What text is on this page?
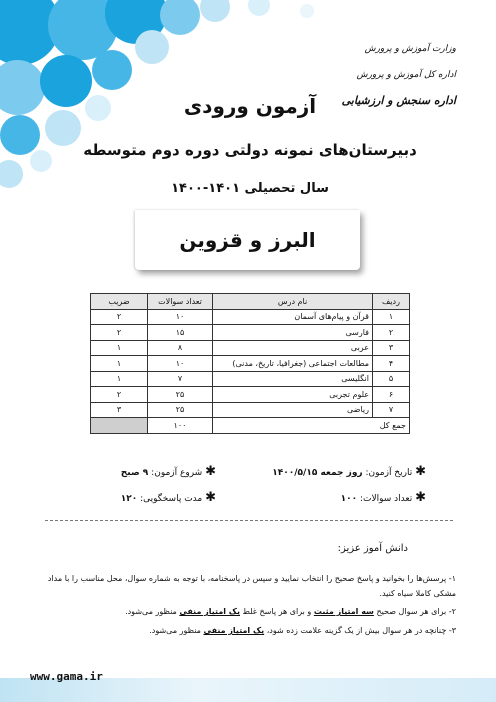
وزارت آموزش و پرورش
اداره کل آموزش و پرورش
اداره سنجش و ارزشیابی
آزمون ورودی
دبیرستان‌های نمونه دولتی دوره دوم متوسطه
سال تحصیلی ۱۴۰۱-۱۴۰۰
البرز و قزوین
ردیف	نام درس	تعداد سوالات	ضریب
۱	قرآن و پیام‌های آسمان	۱۰	۲
۲	فارسی	۱۵	۲
۳	عربی	۸	۱
۴	مطالعات اجتماعی (جغرافیا، تاریخ، مدنی)	۱۰	۱
۵	انگلیسی	۷	۱
۶	علوم تجربی	۲۵	۲
۷	ریاضی	۲۵	۳
جمع کل		۱۰۰	
✱ تاریخ آزمون: روز جمعه ۱۴۰۰/۵/۱۵
✱ شروع آزمون: ۹ صبح
✱ تعداد سوالات: ۱۰۰
✱ مدت پاسخگویی: ۱۲۰
دانش آموز عزیز:
۱- پرسش‌ها را بخوانید و پاسخ صحیح را انتخاب نمایید و سپس در پاسخنامه، با توجه به شماره سوال، محل مناسب را با مداد مشکی کاملا سیاه کنید.
۲- برای هر سوال صحیح سه امتیاز مثبت و برای هر پاسخ غلط یک امتیاز منفی منظور می‌شود.
۳- چنانچه در هر سوال بیش از یک گزینه علامت زده شود، یک امتیاز منفی منظور می‌شود.
www.gama.ir
